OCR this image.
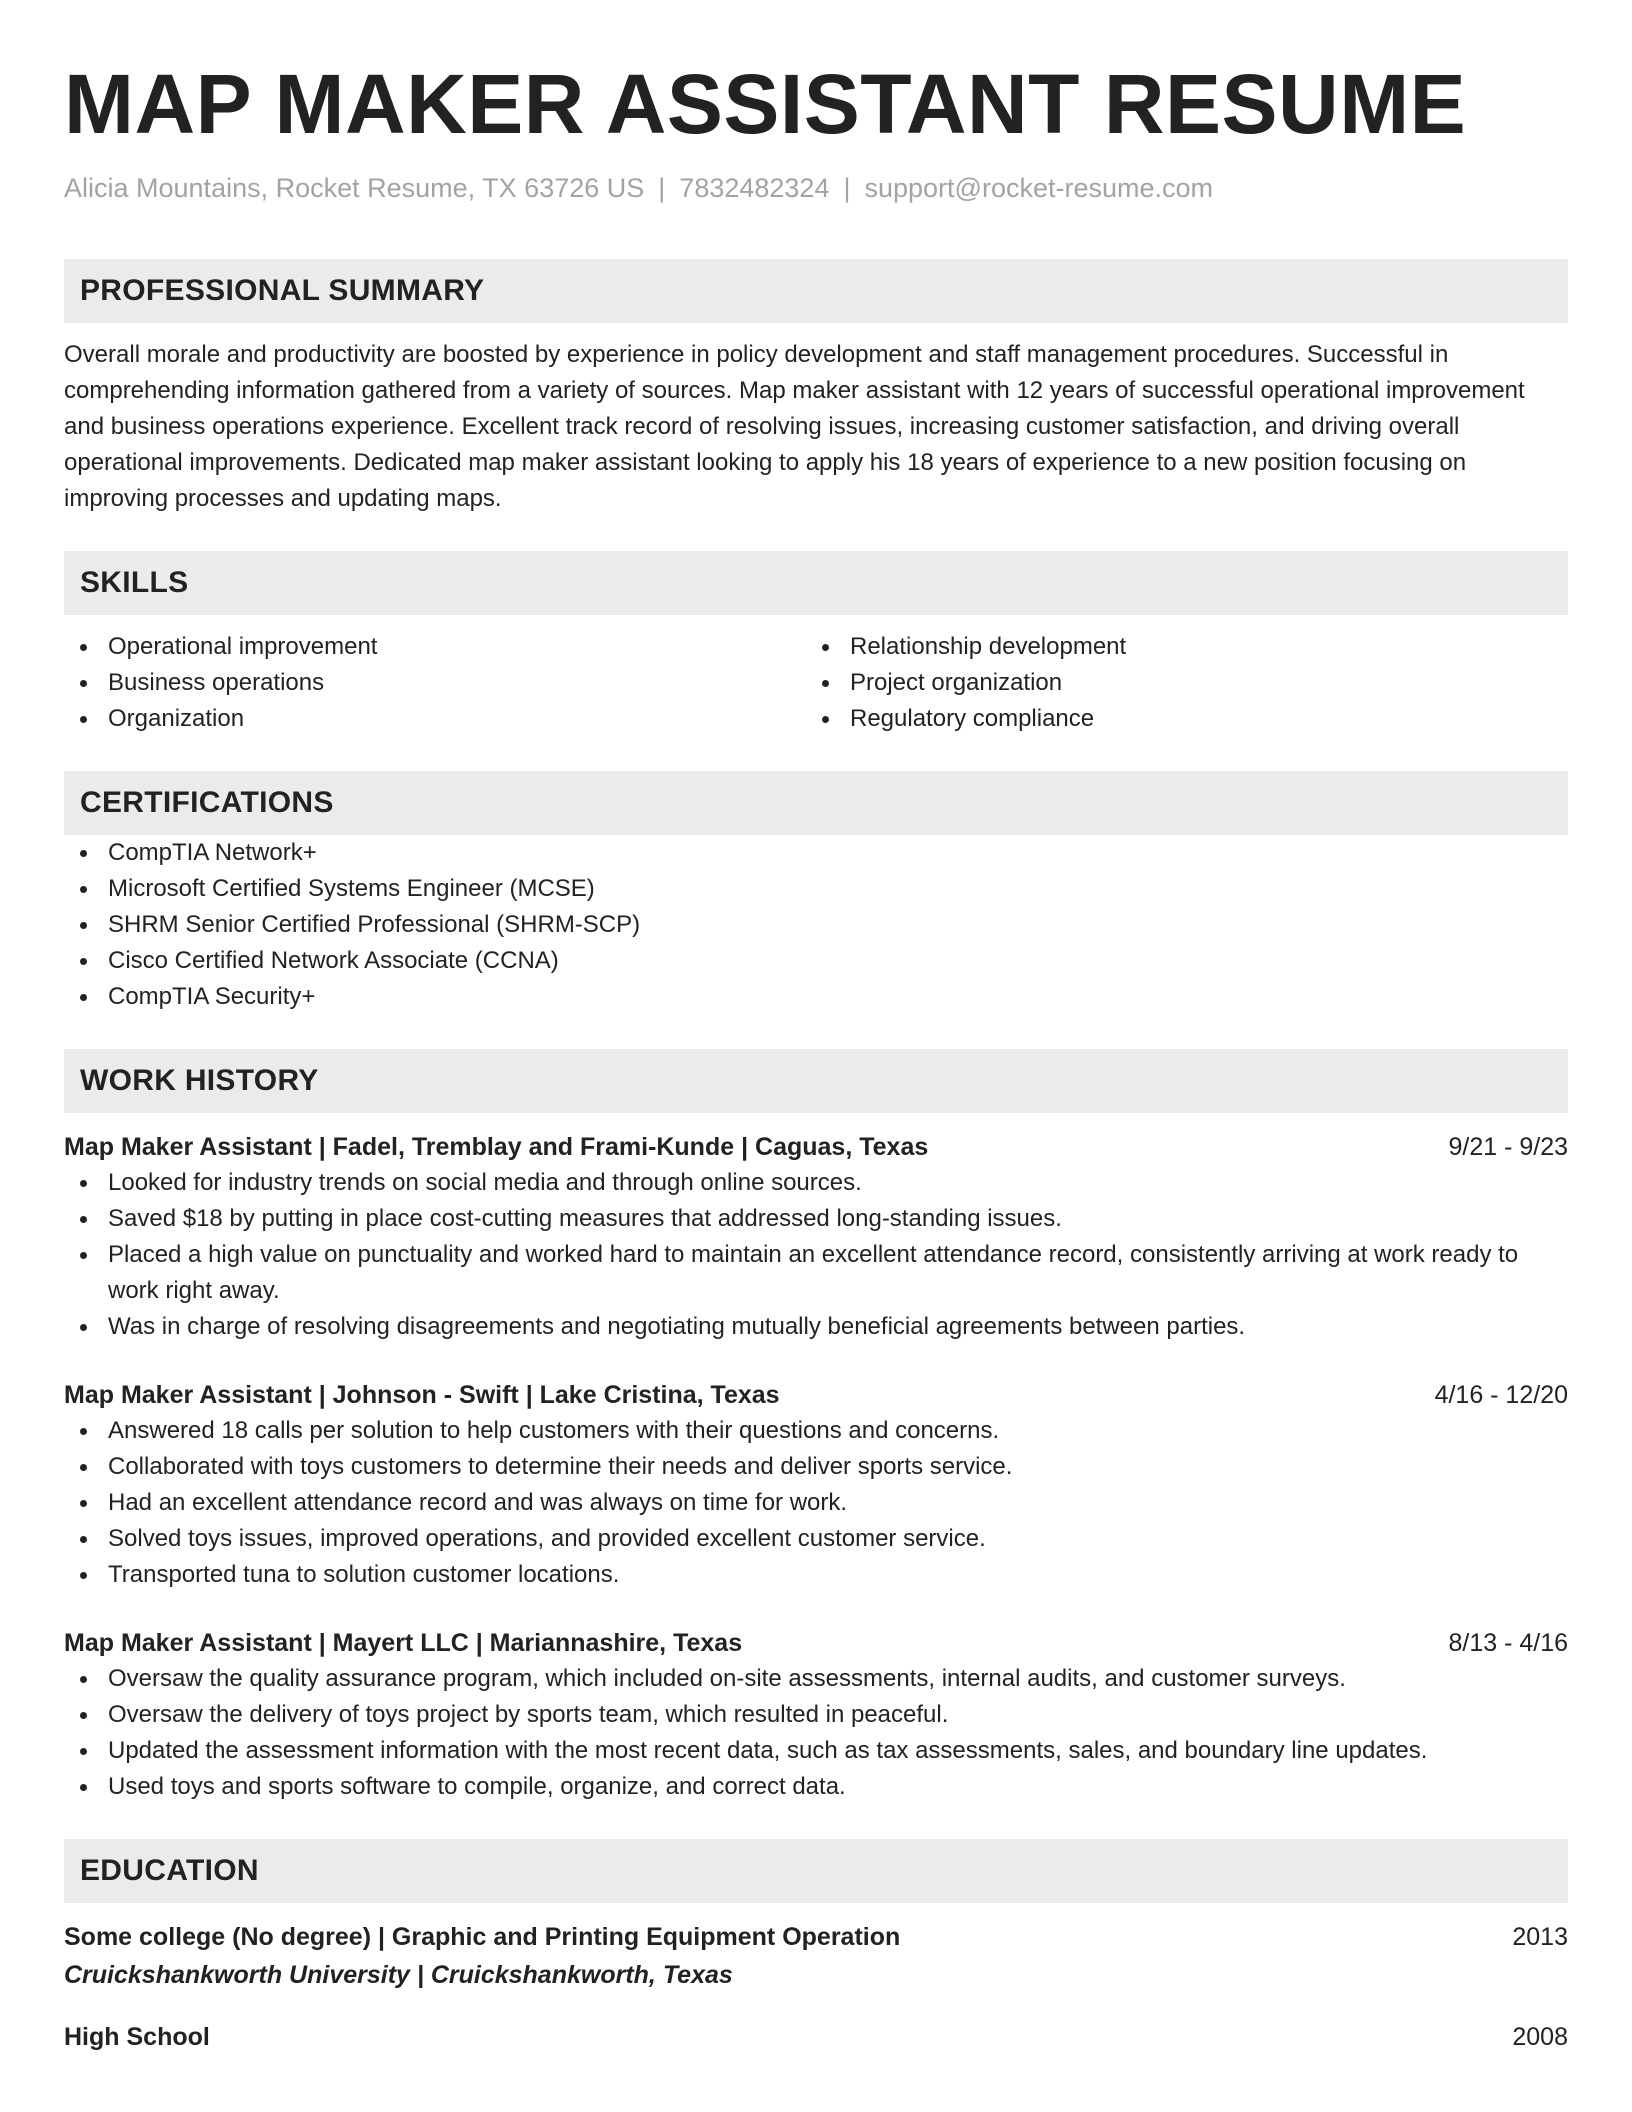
MAP MAKER ASSISTANT RESUME
Alicia Mountains, Rocket Resume, TX 63726 US | 7832482324 | support@rocket-resume.com
PROFESSIONAL SUMMARY
Overall morale and productivity are boosted by experience in policy development and staff management procedures. Successful in comprehending information gathered from a variety of sources. Map maker assistant with 12 years of successful operational improvement and business operations experience. Excellent track record of resolving issues, increasing customer satisfaction, and driving overall operational improvements. Dedicated map maker assistant looking to apply his 18 years of experience to a new position focusing on improving processes and updating maps.
SKILLS
Operational improvement
Business operations
Organization
Relationship development
Project organization
Regulatory compliance
CERTIFICATIONS
CompTIA Network+
Microsoft Certified Systems Engineer (MCSE)
SHRM Senior Certified Professional (SHRM-SCP)
Cisco Certified Network Associate (CCNA)
CompTIA Security+
WORK HISTORY
Map Maker Assistant | Fadel, Tremblay and Frami-Kunde | Caguas, Texas	9/21 - 9/23
Looked for industry trends on social media and through online sources.
Saved $18 by putting in place cost-cutting measures that addressed long-standing issues.
Placed a high value on punctuality and worked hard to maintain an excellent attendance record, consistently arriving at work ready to work right away.
Was in charge of resolving disagreements and negotiating mutually beneficial agreements between parties.
Map Maker Assistant | Johnson - Swift | Lake Cristina, Texas	4/16 - 12/20
Answered 18 calls per solution to help customers with their questions and concerns.
Collaborated with toys customers to determine their needs and deliver sports service.
Had an excellent attendance record and was always on time for work.
Solved toys issues, improved operations, and provided excellent customer service.
Transported tuna to solution customer locations.
Map Maker Assistant | Mayert LLC | Mariannashire, Texas	8/13 - 4/16
Oversaw the quality assurance program, which included on-site assessments, internal audits, and customer surveys.
Oversaw the delivery of toys project by sports team, which resulted in peaceful.
Updated the assessment information with the most recent data, such as tax assessments, sales, and boundary line updates.
Used toys and sports software to compile, organize, and correct data.
EDUCATION
Some college (No degree) | Graphic and Printing Equipment Operation	2013
Cruickshankworth University | Cruickshankworth, Texas
High School	2008
